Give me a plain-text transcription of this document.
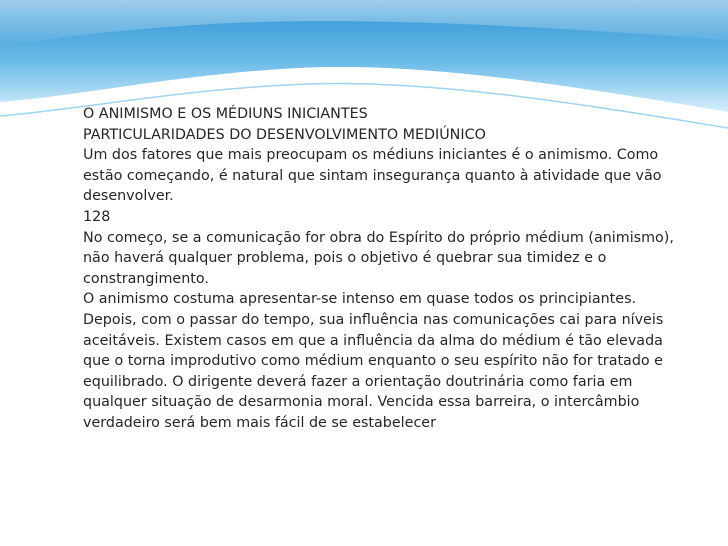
O ANIMISMO E OS MÉDIUNS INICIANTES

PARTICULARIDADES DO DESENVOLVIMENTO MEDIÚNICO

Um dos fatores que mais preocupam os médiuns iniciantes é o animismo. Como estão começando, é natural que sintam insegurança quanto à atividade que vão desenvolver.

128

No começo, se a comunicação for obra do Espírito do próprio médium (animismo), não haverá qualquer problema, pois o objetivo é quebrar sua timidez e o constrangimento.

O animismo costuma apresentar-se intenso em quase todos os principiantes. Depois, com o passar do tempo, sua influência nas comunicações cai para níveis aceitáveis. Existem casos em que a influência da alma do médium é tão elevada que o torna improdutivo como médium enquanto o seu espírito não for tratado e equilibrado. O dirigente deverá fazer a orientação doutrinária como faria em qualquer situação de desarmonia moral. Vencida essa barreira, o intercâmbio verdadeiro será bem mais fácil de se estabelecer
